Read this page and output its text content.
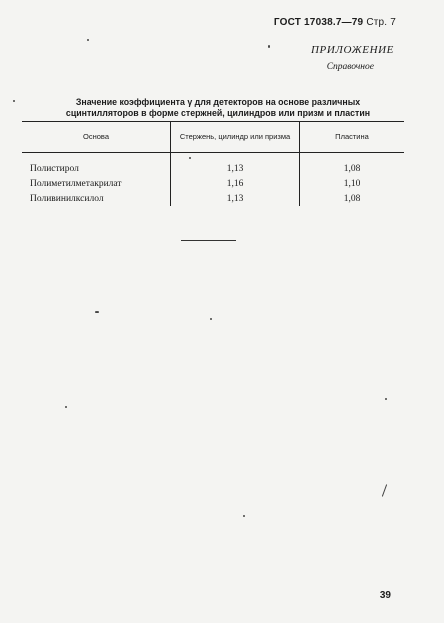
ГОСТ 17038.7—79 Стр. 7
ПРИЛОЖЕНИЕ
Справочное
Значение коэффициента γ для детекторов на основе различных
сцинтилляторов в форме стержней, цилиндров или призм и пластин
Основа	Стержень, цилиндр или призма	Пластина
Полистирол	1,13	1,08
Полиметилметакрилат	1,16	1,10
Поливинилксилол	1,13	1,08
39
